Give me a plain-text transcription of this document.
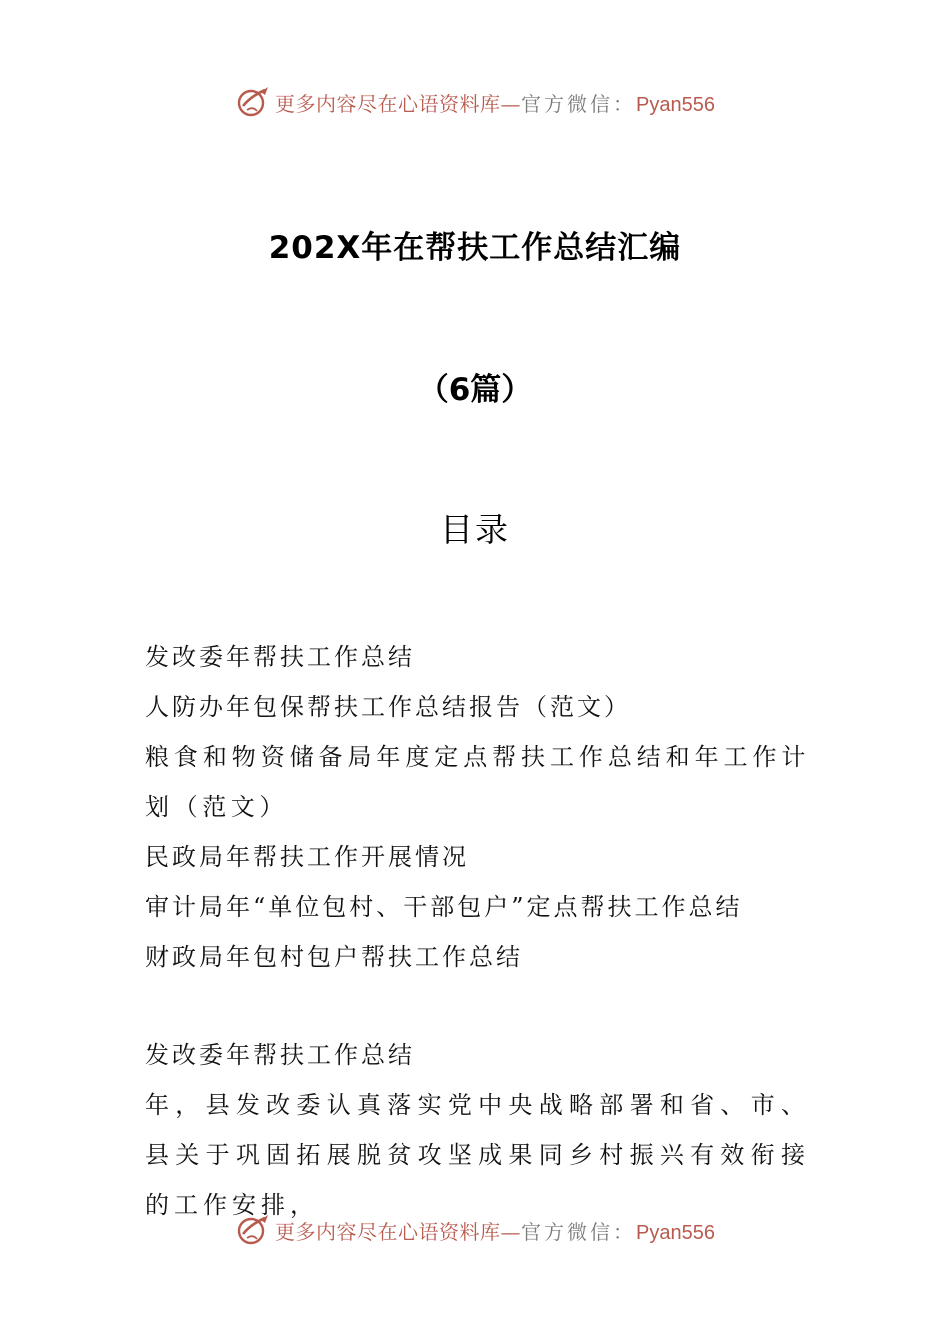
更多内容尽在心语资料库—官方微信：Pyan556
202X年在帮扶工作总结汇编
（6篇）
目录
发改委年帮扶工作总结
人防办年包保帮扶工作总结报告（范文）
粮食和物资储备局年度定点帮扶工作总结和年工作计划（范文）
民政局年帮扶工作开展情况
审计局年“单位包村、干部包户”定点帮扶工作总结
财政局年包村包户帮扶工作总结
发改委年帮扶工作总结
年，县发改委认真落实党中央战略部署和省、市、县关于巩固拓展脱贫攻坚成果同乡村振兴有效衔接的工作安排，
更多内容尽在心语资料库—官方微信：Pyan556
